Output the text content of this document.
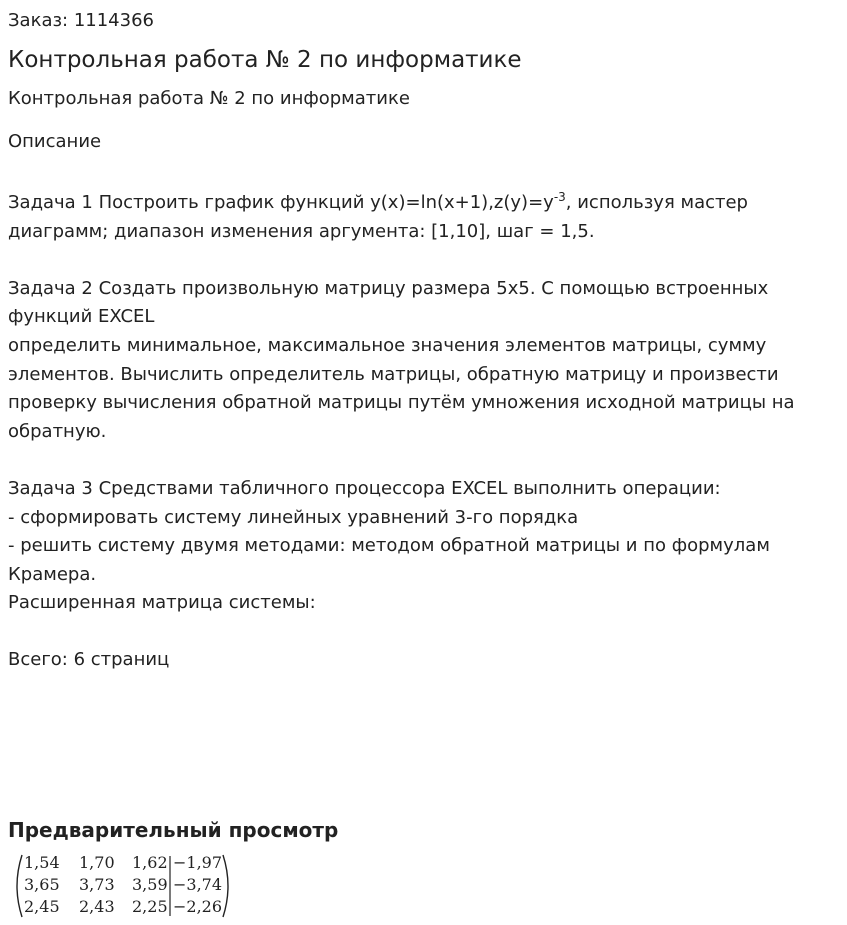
Заказ: 1114366
Контрольная работа № 2 по информатике
Контрольная работа № 2 по информатике
Описание

Задача 1 Построить график функций $y(x)=\ln(x+1),z(y)=y^{-3}$, используя мастер диаграмм; диапазон изменения аргумента: [1,10], шаг = 1,5.

Задача 2 Создать произвольную матрицу размера 5х5. С помощью встроенных функций EXCEL

определить минимальное, максимальное значения элементов матрицы, сумму элементов. Вычислить определитель матрицы, обратную матрицу и произвести проверку вычисления обратной матрицы путём умножения исходной матрицы на обратную.

Задача 3 Средствами табличного процессора EXCEL выполнить операции:

- сформировать систему линейных уравнений 3-го порядка

- решить систему двумя методами: методом обратной матрицы и по формулам Крамера.

Расширенная матрица системы:

Всего: 6 страниц
Предварительный просмотр
1,54 1,70 1,62 −1,97
3,65 3,73 3,59 −3,74
2,45 2,43 2,25 −2,26
